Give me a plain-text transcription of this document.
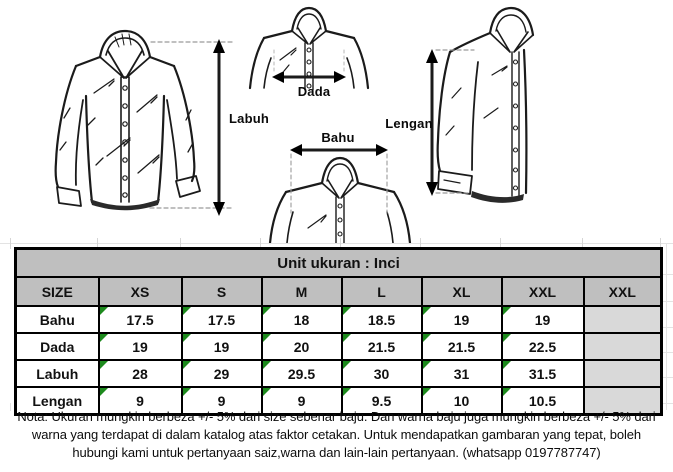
Labuh
Dada
Bahu
Lengan
Unit ukuran : Inci							
SIZE	XS	S	M	L	XL	XXL	XXL
Bahu	17.5	17.5	18	18.5	19	19	
Dada	19	19	20	21.5	21.5	22.5	
Labuh	28	29	29.5	30	31	31.5	
Lengan	9	9	9	9.5	10	10.5	
Nota: Ukuran mungkin berbeza +/- 5% dari size sebenar baju. Dan warna baju juga mungkin berbeza +/- 5% dari
warna yang terdapat di dalam katalog atas faktor cetakan. Untuk mendapatkan gambaran yang tepat, boleh
hubungi kami untuk pertanyaan saiz,warna dan lain-lain pertanyaan. (whatsapp 0197787747)
